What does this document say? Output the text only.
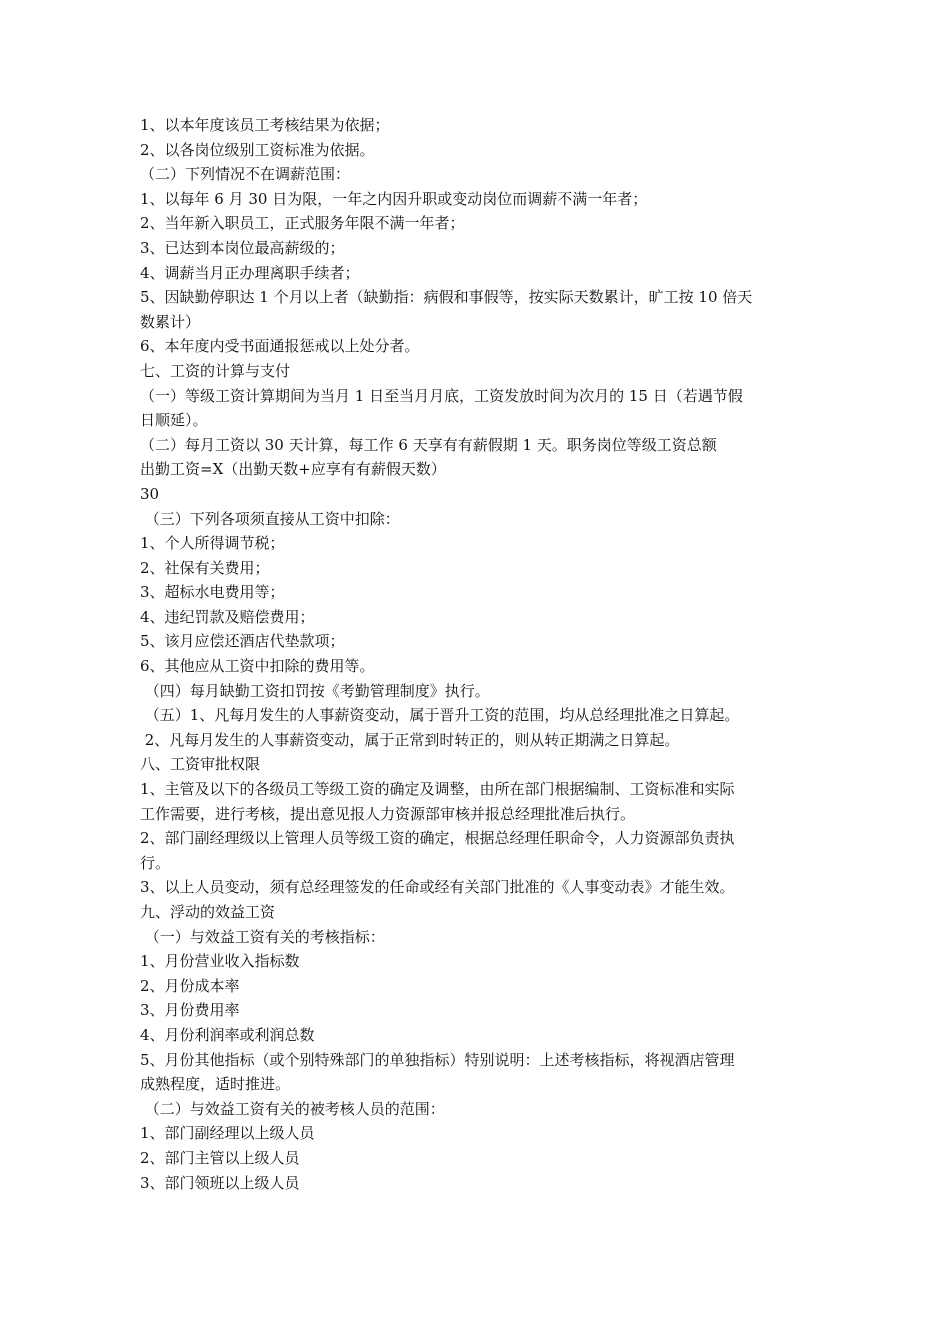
1、以本年度该员工考核结果为依据；
2、以各岗位级别工资标准为依据。
（二）下列情况不在调薪范围：
1、以每年 6 月 30 日为限，一年之内因升职或变动岗位而调薪不满一年者；
2、当年新入职员工，正式服务年限不满一年者；
3、已达到本岗位最高薪级的；
4、调薪当月正办理离职手续者；
5、因缺勤停职达 1 个月以上者（缺勤指：病假和事假等，按实际天数累计，旷工按 10 倍天
数累计）
6、本年度内受书面通报惩戒以上处分者。
七、工资的计算与支付
（一）等级工资计算期间为当月 1 日至当月月底，工资发放时间为次月的 15 日（若遇节假
日顺延）。
（二）每月工资以 30 天计算，每工作 6 天享有有薪假期 1 天。职务岗位等级工资总额
出勤工资=X（出勤天数+应享有有薪假天数）
30
（三）下列各项须直接从工资中扣除：
1、个人所得调节税；
2、社保有关费用；
3、超标水电费用等；
4、违纪罚款及赔偿费用；
5、该月应偿还酒店代垫款项；
6、其他应从工资中扣除的费用等。
（四）每月缺勤工资扣罚按《考勤管理制度》执行。
（五）1、凡每月发生的人事薪资变动，属于晋升工资的范围，均从总经理批准之日算起。
2、凡每月发生的人事薪资变动，属于正常到时转正的，则从转正期满之日算起。
八、工资审批权限
1、主管及以下的各级员工等级工资的确定及调整，由所在部门根据编制、工资标准和实际
工作需要，进行考核，提出意见报人力资源部审核并报总经理批准后执行。
2、部门副经理级以上管理人员等级工资的确定，根据总经理任职命令，人力资源部负责执
行。
3、以上人员变动，须有总经理签发的任命或经有关部门批准的《人事变动表》才能生效。
九、浮动的效益工资
（一）与效益工资有关的考核指标：
1、月份营业收入指标数
2、月份成本率
3、月份费用率
4、月份利润率或利润总数
5、月份其他指标（或个别特殊部门的单独指标）特别说明：上述考核指标，将视酒店管理
成熟程度，适时推进。
（二）与效益工资有关的被考核人员的范围：
1、部门副经理以上级人员
2、部门主管以上级人员
3、部门领班以上级人员
